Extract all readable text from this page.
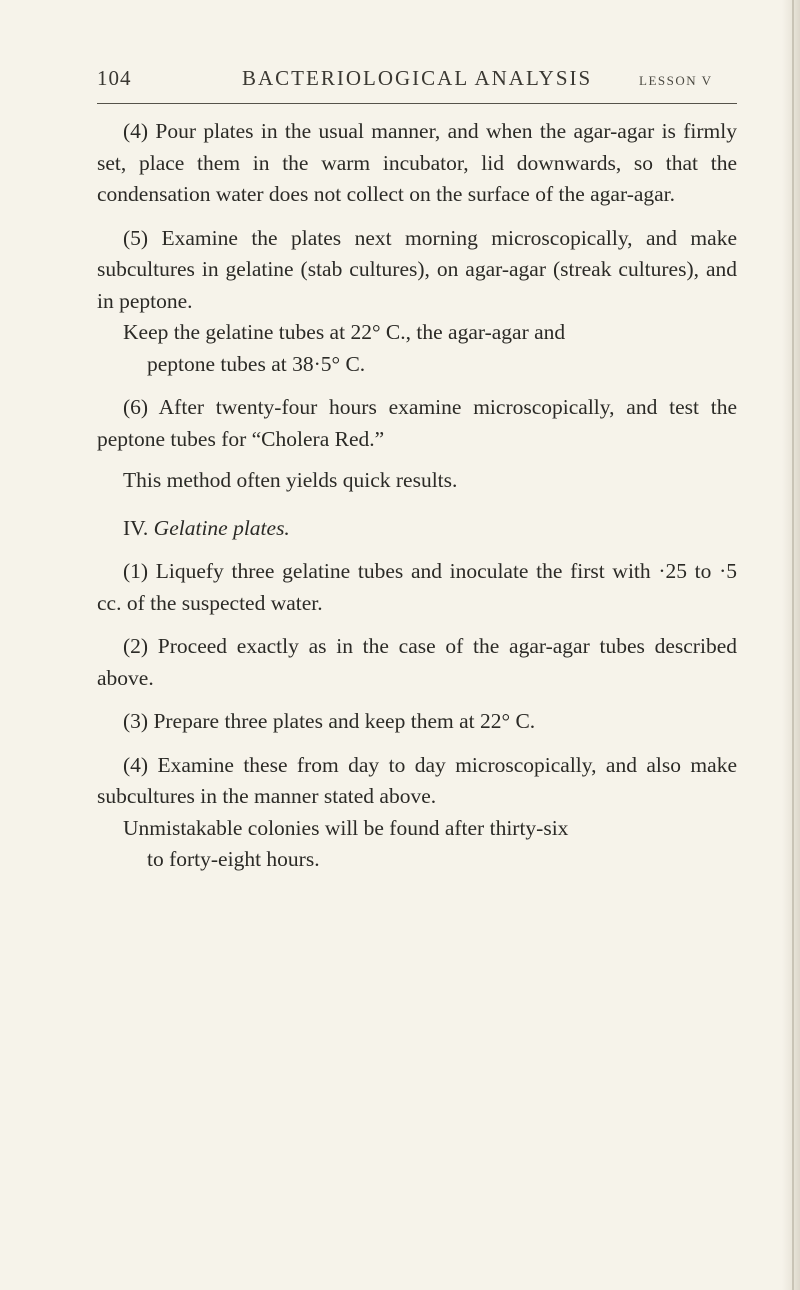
104	BACTERIOLOGICAL ANALYSIS	LESSON V

(4) Pour plates in the usual manner, and when the agar-agar is firmly set, place them in the warm incubator, lid downwards, so that the condensation water does not collect on the surface of the agar-agar.

(5) Examine the plates next morning microscopically, and make subcultures in gelatine (stab cultures), on agar-agar (streak cultures), and in peptone.

Keep the gelatine tubes at 22° C., the agar-agar and
peptone tubes at 38·5° C.

(6) After twenty-four hours examine microscopically, and test the peptone tubes for “Cholera Red.”

This method often yields quick results.

IV. Gelatine plates.

(1) Liquefy three gelatine tubes and inoculate the first with ·25 to ·5 cc. of the suspected water.

(2) Proceed exactly as in the case of the agar-agar tubes described above.

(3) Prepare three plates and keep them at 22° C.

(4) Examine these from day to day microscopically, and also make subcultures in the manner stated above.

Unmistakable colonies will be found after thirty-six
to forty-eight hours.
